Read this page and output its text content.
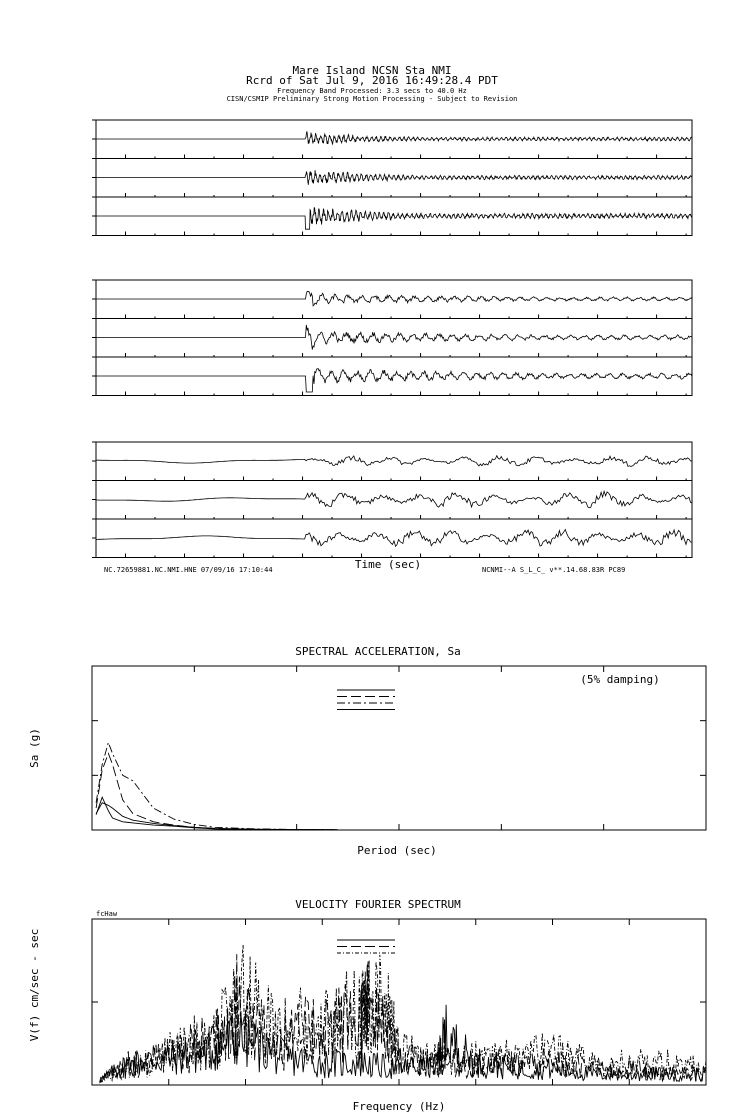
Mare Island NCSN Sta NMI
Rcrd of Sat Jul 9, 2016 16:49:28.4 PDT
Frequency Band Processed: 3.3 secs to 40.0 Hz
CISN/CSMIP Preliminary Strong Motion Processing - Subject to Revision
Time (sec)
NC.72659881.NC.NMI.HNE 07/09/16 17:10:44	NCNMI--A S_L_C_ v**.14.68.83R PC89
SPECTRAL ACCELERATION, Sa
(5% damping)
Period (sec)
Sa (g)
VELOCITY FOURIER SPECTRUM
fcHaw
Frequency (Hz)
V(f) cm/sec - sec
